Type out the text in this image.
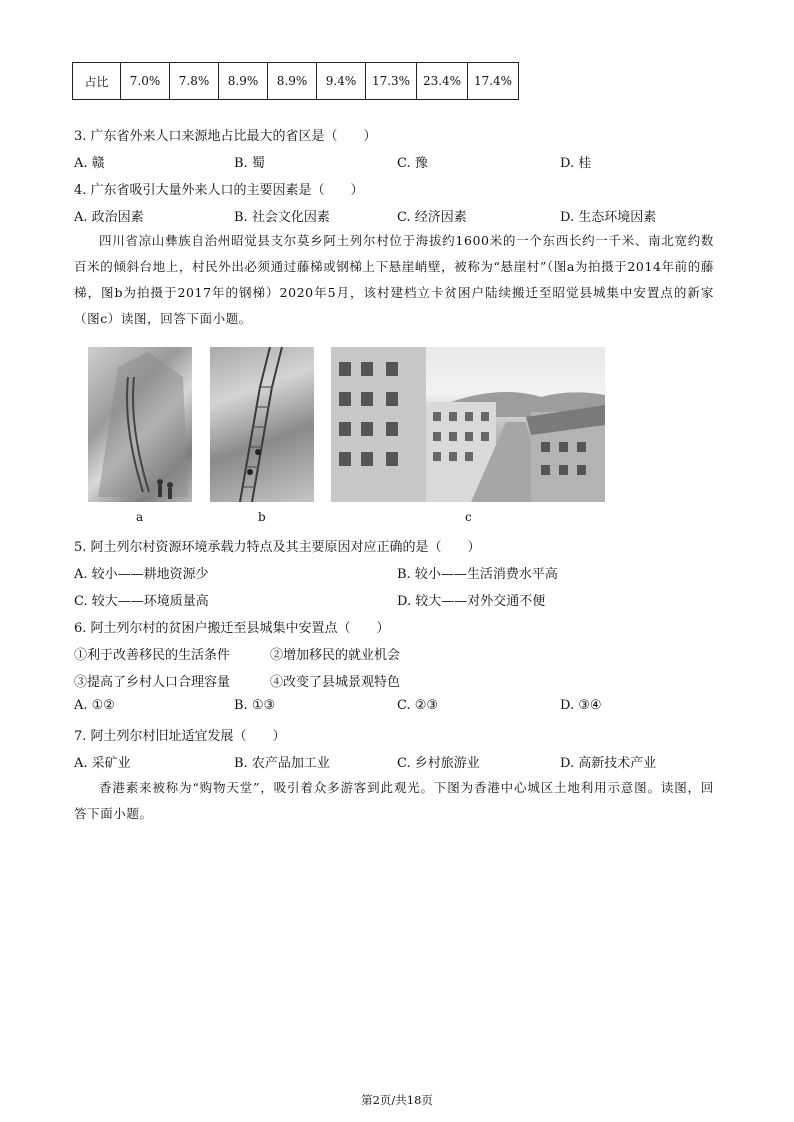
占比	7.0%	7.8%	8.9%	8.9%	9.4%	17.3%	23.4%	17.4%
3. 广东省外来人口来源地占比最大的省区是（　　）
A. 赣	B. 蜀	C. 豫	D. 桂
4. 广东省吸引大量外来人口的主要因素是（　　）
A. 政治因素	B. 社会文化因素	C. 经济因素	D. 生态环境因素

四川省凉山彝族自治州昭觉县支尔莫乡阿土列尔村位于海拔约1600米的一个东西长约一千米、南北宽约数百米的倾斜台地上，村民外出必须通过藤梯或钢梯上下悬崖峭壁，被称为“悬崖村”（图a为拍摄于2014年前的藤梯，图b为拍摄于2017年的钢梯）2020年5月，该村建档立卡贫困户陆续搬迁至昭觉县城集中安置点的新家（图c）读图，回答下面小题。

a	b	c
5. 阿土列尔村资源环境承载力特点及其主要原因对应正确的是（　　）
A. 较小——耕地资源少	B. 较小——生活消费水平高
C. 较大——环境质量高	D. 较大——对外交通不便
6. 阿土列尔村的贫困户搬迁至县城集中安置点（　　）
①利于改善移民的生活条件	②增加移民的就业机会
③提高了乡村人口合理容量	④改变了县城景观特色
A. ①②	B. ①③	C. ②③	D. ③④
7. 阿土列尔村旧址适宜发展（　　）
A. 采矿业	B. 农产品加工业	C. 乡村旅游业	D. 高新技术产业

香港素来被称为“购物天堂”，吸引着众多游客到此观光。下图为香港中心城区土地利用示意图。读图，回答下面小题。

第2页/共18页
